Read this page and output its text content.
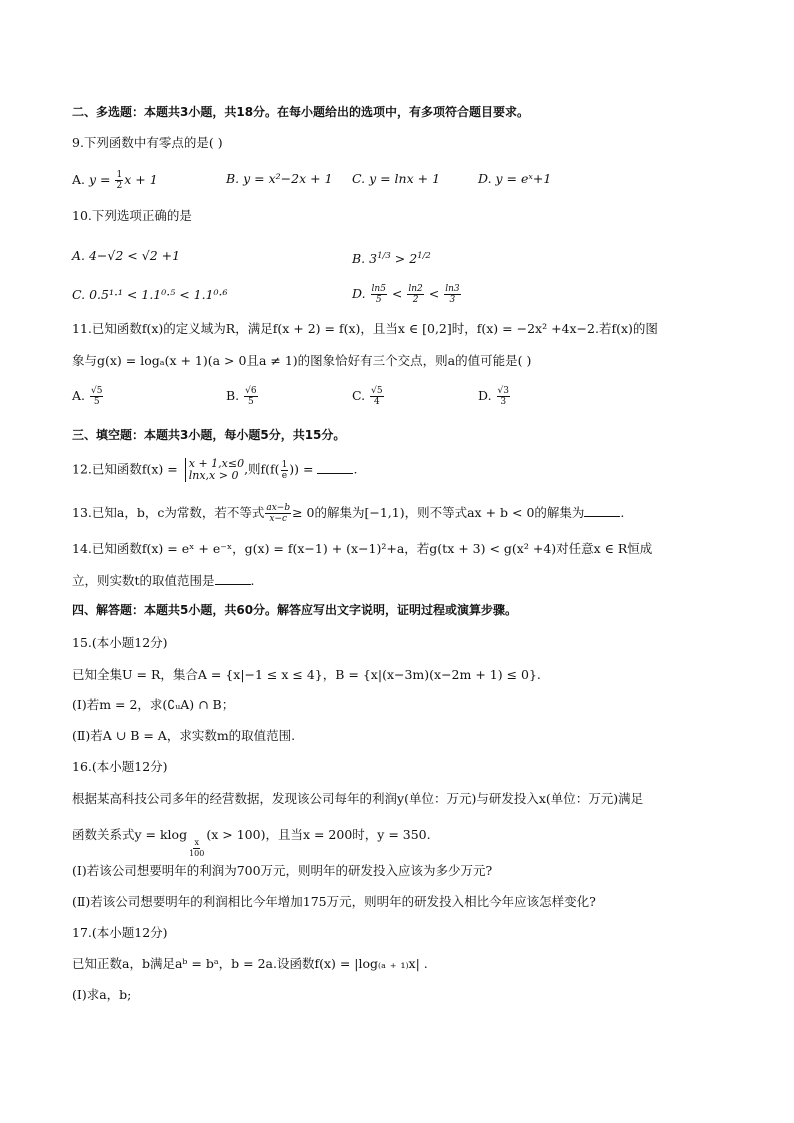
二、多选题：本题共3小题，共18分。在每小题给出的选项中，有多项符合题目要求。
9.下列函数中有零点的是( )
A. $y = \frac{1}{2}$ x + 1	B. y = x²−2x + 1 C. y = lnx + 1	D. y = eˣ+1
10.下列选项正确的是
A. 4−√2 < √2 +1	B. $3^{1/3} > 2^{1/2}$
C. 0.5¹·¹ < 1.1⁰·⁵ < 1.1⁰·⁶	D. $\frac{\ln 5}{5} < \frac{\ln 2}{2} < \frac{\ln 3}{3}$
11.已知函数f(x)的定义域为R，满足f(x + 2) = f(x)，且当x ∈ [0,2]时，f(x) = −2x² +4x−2.若f(x)的图
象与g(x) = logₐ(x + 1)(a > 0且a ≠ 1)的图象恰好有三个交点，则a的值可能是( )
A. $\frac{√5}{5}$	B. $\frac{√6}{5}$	C. $\frac{√5}{4}$	D. $\frac{√3}{3}$
三、填空题：本题共3小题，每小题5分，共15分。
12.已知函数f(x) = x + 1,x≤0
lnx,x > 0 ,则$f(f( \frac{1}{e}$ )) =	.
13.已知a，b，c为常数，若不等式 $\frac{ax-b}{x-c} \ge 0$的解集为[−1,1)，则不等式ax + b < 0的解集为	.
14.已知函数f(x) = eˣ + e⁻ˣ，g(x) = f(x−1) + (x−1)²+a，若g(tx + 3) < g(x² +4)对任意x ∈ R恒成
立，则实数t的取值范围是	.
四、解答题：本题共5小题，共60分。解答应写出文字说明，证明过程或演算步骤。
15.(本小题12分)
已知全集U = R，集合A = {x|−1 ≤ x ≤ 4}，B = {x|(x−3m)(x−2m + 1) ≤ 0}.
(Ⅰ)若m = 2，求(∁ᵤA) ∩ B；
(Ⅱ)若A ∪ B = A，求实数m的取值范围.
16.(本小题12分)
根据某高科技公司多年的经营数据，发现该公司每年的利润y(单位：万元)与研发投入x(单位：万元)满足
函数关系式y = klog
$\frac{x}{100}$
(x > 100)，且当x = 200时，y = 350.
(Ⅰ)若该公司想要明年的利润为700万元，则明年的研发投入应该为多少万元?
(Ⅱ)若该公司想要明年的利润相比今年增加175万元，则明年的研发投入相比今年应该怎样变化?
17.(本小题12分)
已知正数a，b满足aᵇ = bᵃ，b = 2a.设函数f(x) = |log₍ₐ ₊ ₁₎x| .
(Ⅰ)求a，b;
